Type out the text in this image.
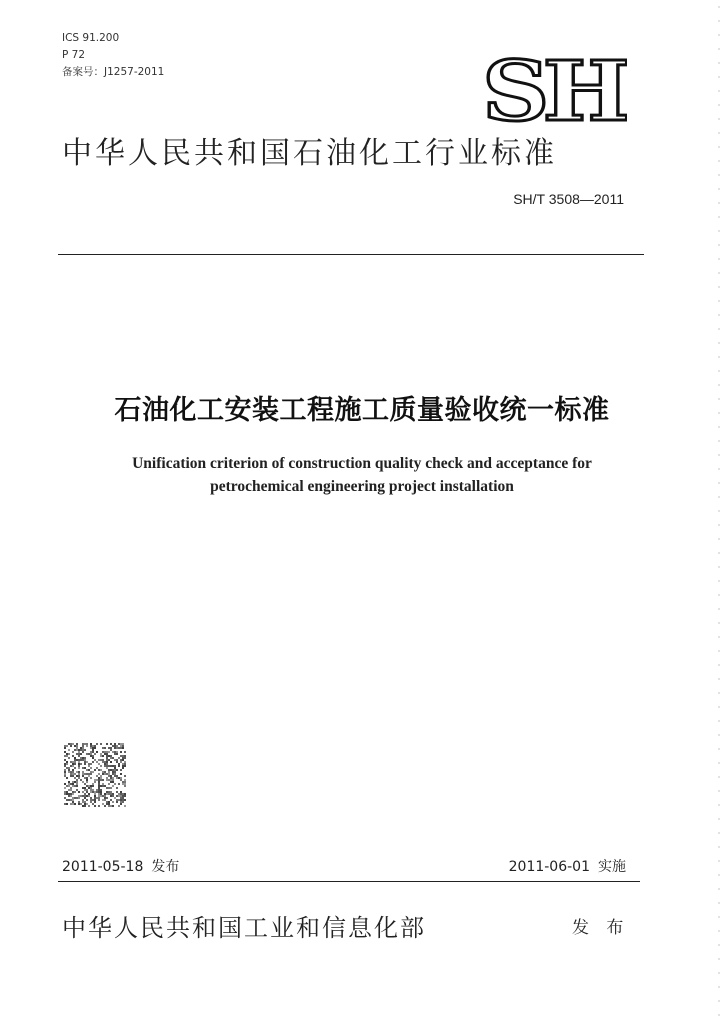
ICS 91.200
P 72
备案号：J1257-2011	SH
中华人民共和国石油化工行业标准
SH/T 3508—2011
石油化工安装工程施工质量验收统一标准
Unification criterion of construction quality check and acceptance for
petrochemical engineering project installation
2011-05-18 发布	2011-06-01 实施
中华人民共和国工业和信息化部	发 布
